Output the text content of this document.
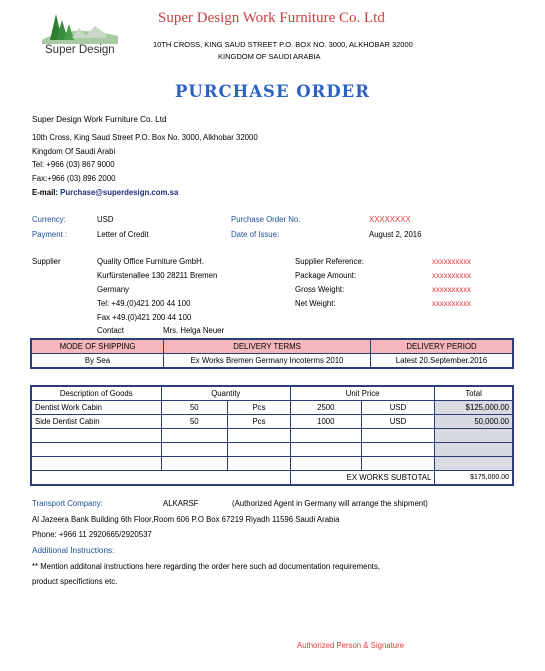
Super Design
Super Design Work Furniture Co. Ltd
10TH CROSS, KING SAUD STREET P.O. BOX NO. 3000, ALKHOBAR 32000
KINGDOM OF SAUDI ARABIA
PURCHASE ORDER
Super Design Work Furniture Co. Ltd
10th Cross, King Saud Street P.O. Box No. 3000, Alkhobar 32000
Kingdom Of Saudi Arabi
Tel: +966 (03) 867 9000
Fax:+966 (03) 896 2000
E-mail: Purchase@superdesign.com.sa
Currency:	USD
Payment :	Letter of Credit
Purchase Order No.	XXXXXXXX
Date of Issue:	August 2, 2016
Supplier	Quality Office Furniture GmbH.
Kurfürstenallee 130 28211 Bremen
Germany
Tel: +49.(0)421 200 44 100
Fax +49.(0)421 200 44 100
Contact	Mrs. Helga Neuer
Supplier Reference:	xxxxxxxxxx
Package Amount:	xxxxxxxxxx
Gross Weight:	xxxxxxxxxx
Net Weight:	xxxxxxxxxx
MODE OF SHIPPING	DELIVERY TERMS	DELIVERY PERIOD
By Sea	Ex Works Bremen Germany Incoterms 2010	Latest 20.September.2016
Description of Goods	Quantity		Unit Price		Total
Dentist Work Cabin	50	Pcs	2500	USD	$125,000.00
Side Dentist Cabin	50	Pcs	1000	USD	50,000.00

			EX WORKS SUBTOTAL		$175,000.00
Transport Company:	ALKARSF	(Authorized Agent in Germany will arrange the shipment)
Al Jazeera Bank Building 6th Floor,Room 606 P.O Box 67219 Riyadh 11596 Saudi Arabia
Phone: +966 11 2920665/2920537
Additional Instructions:
** Mention additonal instructions here regarding the order here such ad documentation requirements,
product specifictions etc.
Authorized Person & Signature
